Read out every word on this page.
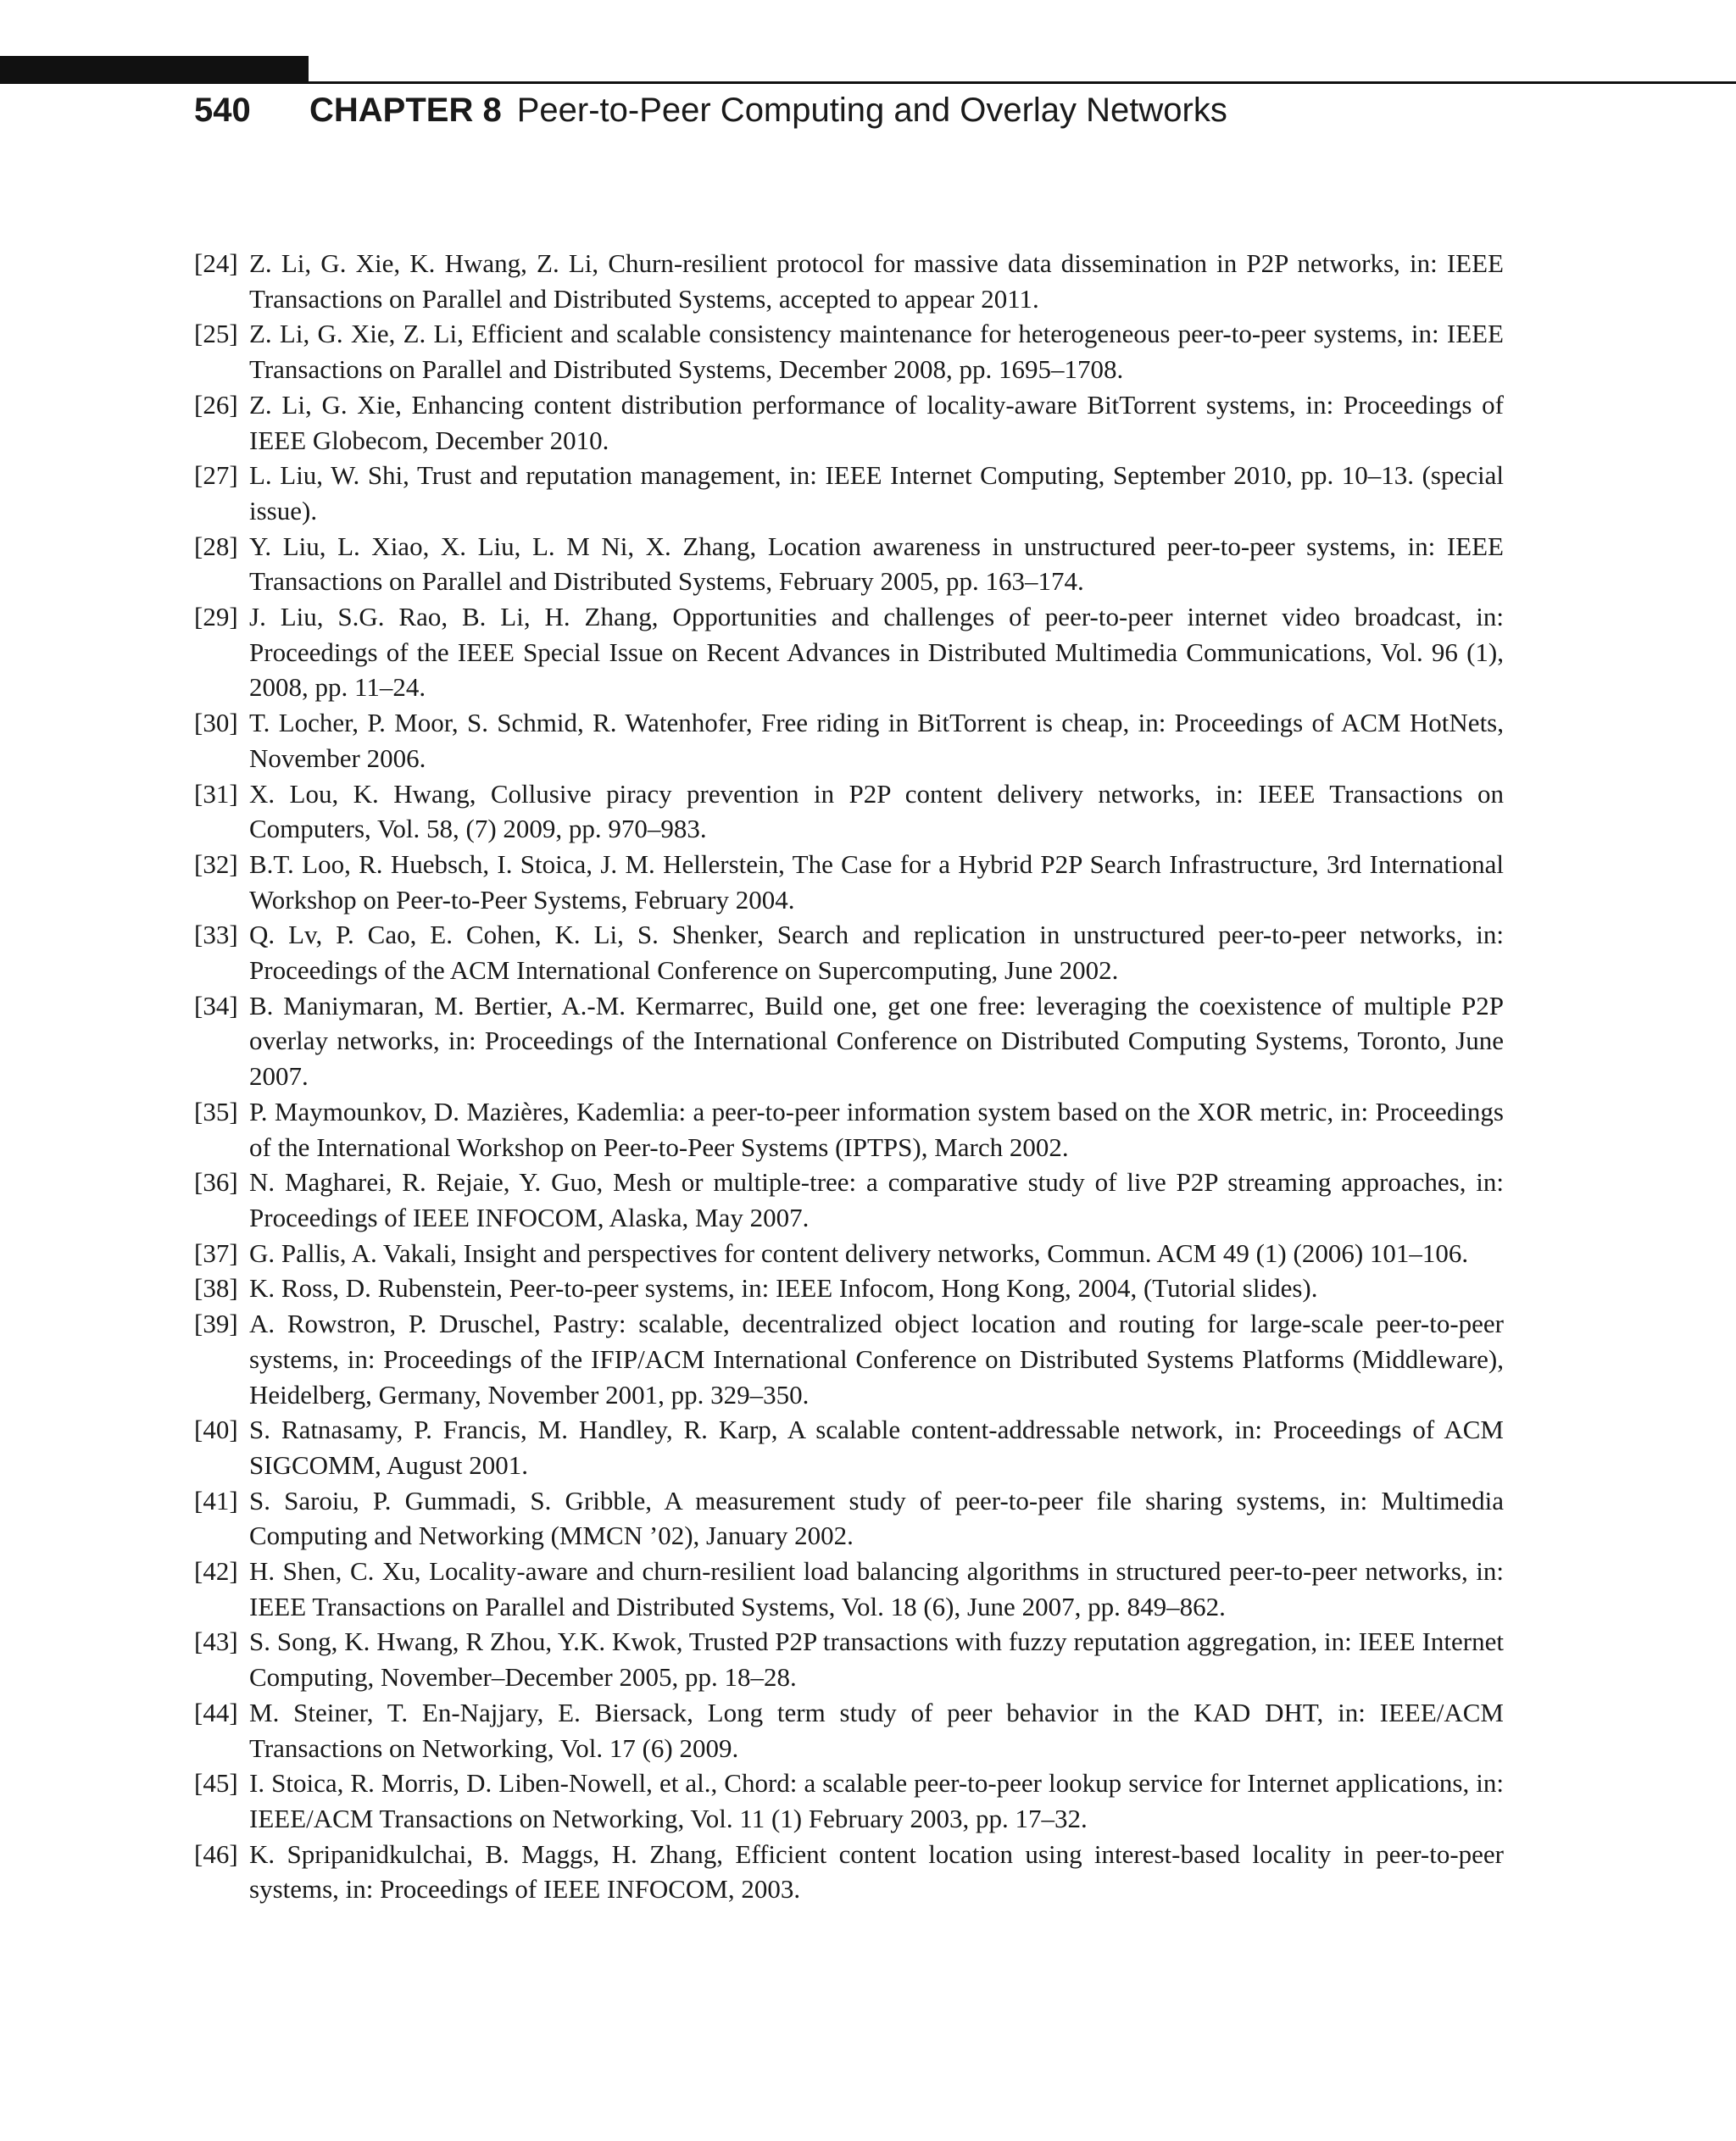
540	CHAPTER 8 Peer-to-Peer Computing and Overlay Networks
[24] Z. Li, G. Xie, K. Hwang, Z. Li, Churn-resilient protocol for massive data dissemination in P2P networks, in: IEEE Transactions on Parallel and Distributed Systems, accepted to appear 2011.
[25] Z. Li, G. Xie, Z. Li, Efficient and scalable consistency maintenance for heterogeneous peer-to-peer systems, in: IEEE Transactions on Parallel and Distributed Systems, December 2008, pp. 1695–1708.
[26] Z. Li, G. Xie, Enhancing content distribution performance of locality-aware BitTorrent systems, in: Proceedings of IEEE Globecom, December 2010.
[27] L. Liu, W. Shi, Trust and reputation management, in: IEEE Internet Computing, September 2010, pp. 10–13. (special issue).
[28] Y. Liu, L. Xiao, X. Liu, L. M Ni, X. Zhang, Location awareness in unstructured peer-to-peer systems, in: IEEE Transactions on Parallel and Distributed Systems, February 2005, pp. 163–174.
[29] J. Liu, S.G. Rao, B. Li, H. Zhang, Opportunities and challenges of peer-to-peer internet video broadcast, in: Proceedings of the IEEE Special Issue on Recent Advances in Distributed Multimedia Communications, Vol. 96 (1), 2008, pp. 11–24.
[30] T. Locher, P. Moor, S. Schmid, R. Watenhofer, Free riding in BitTorrent is cheap, in: Proceedings of ACM HotNets, November 2006.
[31] X. Lou, K. Hwang, Collusive piracy prevention in P2P content delivery networks, in: IEEE Transactions on Computers, Vol. 58, (7) 2009, pp. 970–983.
[32] B.T. Loo, R. Huebsch, I. Stoica, J. M. Hellerstein, The Case for a Hybrid P2P Search Infrastructure, 3rd International Workshop on Peer-to-Peer Systems, February 2004.
[33] Q. Lv, P. Cao, E. Cohen, K. Li, S. Shenker, Search and replication in unstructured peer-to-peer networks, in: Proceedings of the ACM International Conference on Supercomputing, June 2002.
[34] B. Maniymaran, M. Bertier, A.-M. Kermarrec, Build one, get one free: leveraging the coexistence of multiple P2P overlay networks, in: Proceedings of the International Conference on Distributed Computing Systems, Toronto, June 2007.
[35] P. Maymounkov, D. Mazières, Kademlia: a peer-to-peer information system based on the XOR metric, in: Proceedings of the International Workshop on Peer-to-Peer Systems (IPTPS), March 2002.
[36] N. Magharei, R. Rejaie, Y. Guo, Mesh or multiple-tree: a comparative study of live P2P streaming approaches, in: Proceedings of IEEE INFOCOM, Alaska, May 2007.
[37] G. Pallis, A. Vakali, Insight and perspectives for content delivery networks, Commun. ACM 49 (1) (2006) 101–106.
[38] K. Ross, D. Rubenstein, Peer-to-peer systems, in: IEEE Infocom, Hong Kong, 2004, (Tutorial slides).
[39] A. Rowstron, P. Druschel, Pastry: scalable, decentralized object location and routing for large-scale peer-to-peer systems, in: Proceedings of the IFIP/ACM International Conference on Distributed Systems Platforms (Middleware), Heidelberg, Germany, November 2001, pp. 329–350.
[40] S. Ratnasamy, P. Francis, M. Handley, R. Karp, A scalable content-addressable network, in: Proceedings of ACM SIGCOMM, August 2001.
[41] S. Saroiu, P. Gummadi, S. Gribble, A measurement study of peer-to-peer file sharing systems, in: Multimedia Computing and Networking (MMCN ’02), January 2002.
[42] H. Shen, C. Xu, Locality-aware and churn-resilient load balancing algorithms in structured peer-to-peer networks, in: IEEE Transactions on Parallel and Distributed Systems, Vol. 18 (6), June 2007, pp. 849–862.
[43] S. Song, K. Hwang, R Zhou, Y.K. Kwok, Trusted P2P transactions with fuzzy reputation aggregation, in: IEEE Internet Computing, November–December 2005, pp. 18–28.
[44] M. Steiner, T. En-Najjary, E. Biersack, Long term study of peer behavior in the KAD DHT, in: IEEE/ACM Transactions on Networking, Vol. 17 (6) 2009.
[45] I. Stoica, R. Morris, D. Liben-Nowell, et al., Chord: a scalable peer-to-peer lookup service for Internet applications, in: IEEE/ACM Transactions on Networking, Vol. 11 (1) February 2003, pp. 17–32.
[46] K. Spripanidkulchai, B. Maggs, H. Zhang, Efficient content location using interest-based locality in peer-to-peer systems, in: Proceedings of IEEE INFOCOM, 2003.
